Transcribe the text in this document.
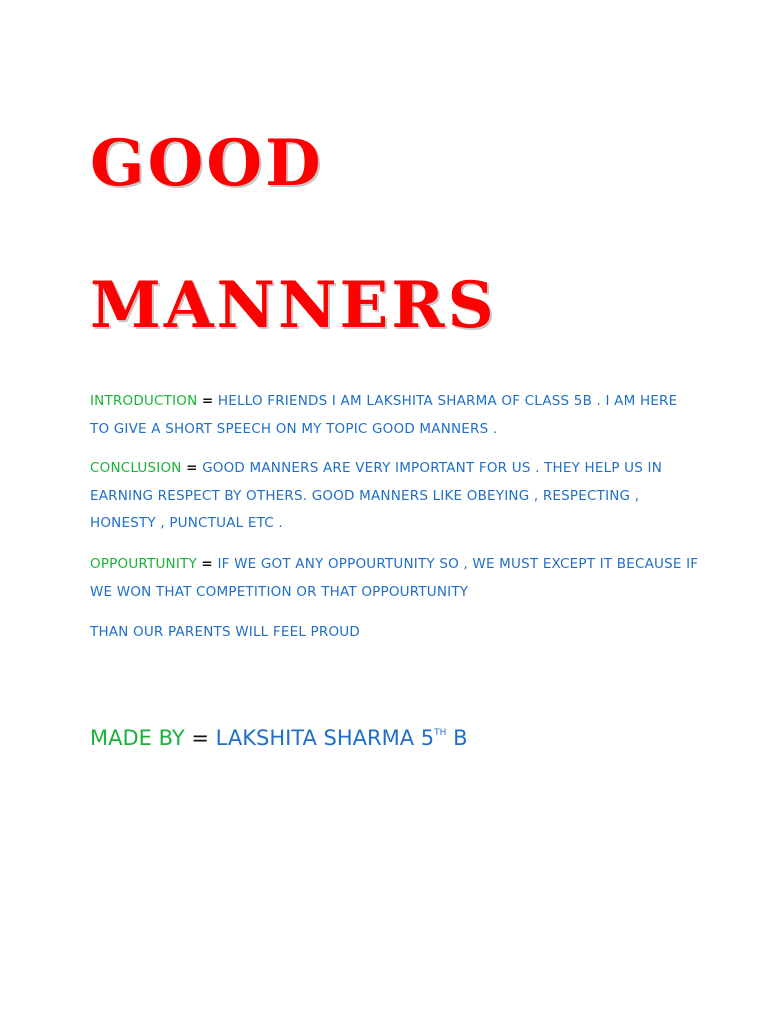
GOOD
MANNERS

INTRODUCTION = HELLO FRIENDS I AM LAKSHITA SHARMA OF CLASS 5B . I AM HERE TO GIVE A SHORT SPEECH ON MY TOPIC GOOD MANNERS .

CONCLUSION = GOOD MANNERS ARE VERY IMPORTANT FOR US . THEY HELP US IN EARNING RESPECT BY OTHERS. GOOD MANNERS LIKE OBEYING , RESPECTING , HONESTY , PUNCTUAL ETC .

OPPOURTUNITY = IF WE GOT ANY OPPOURTUNITY SO , WE MUST EXCEPT IT BECAUSE IF WE WON THAT COMPETITION OR THAT OPPOURTUNITY

THAN OUR PARENTS WILL FEEL PROUD

MADE BY = LAKSHITA SHARMA 5TH B
